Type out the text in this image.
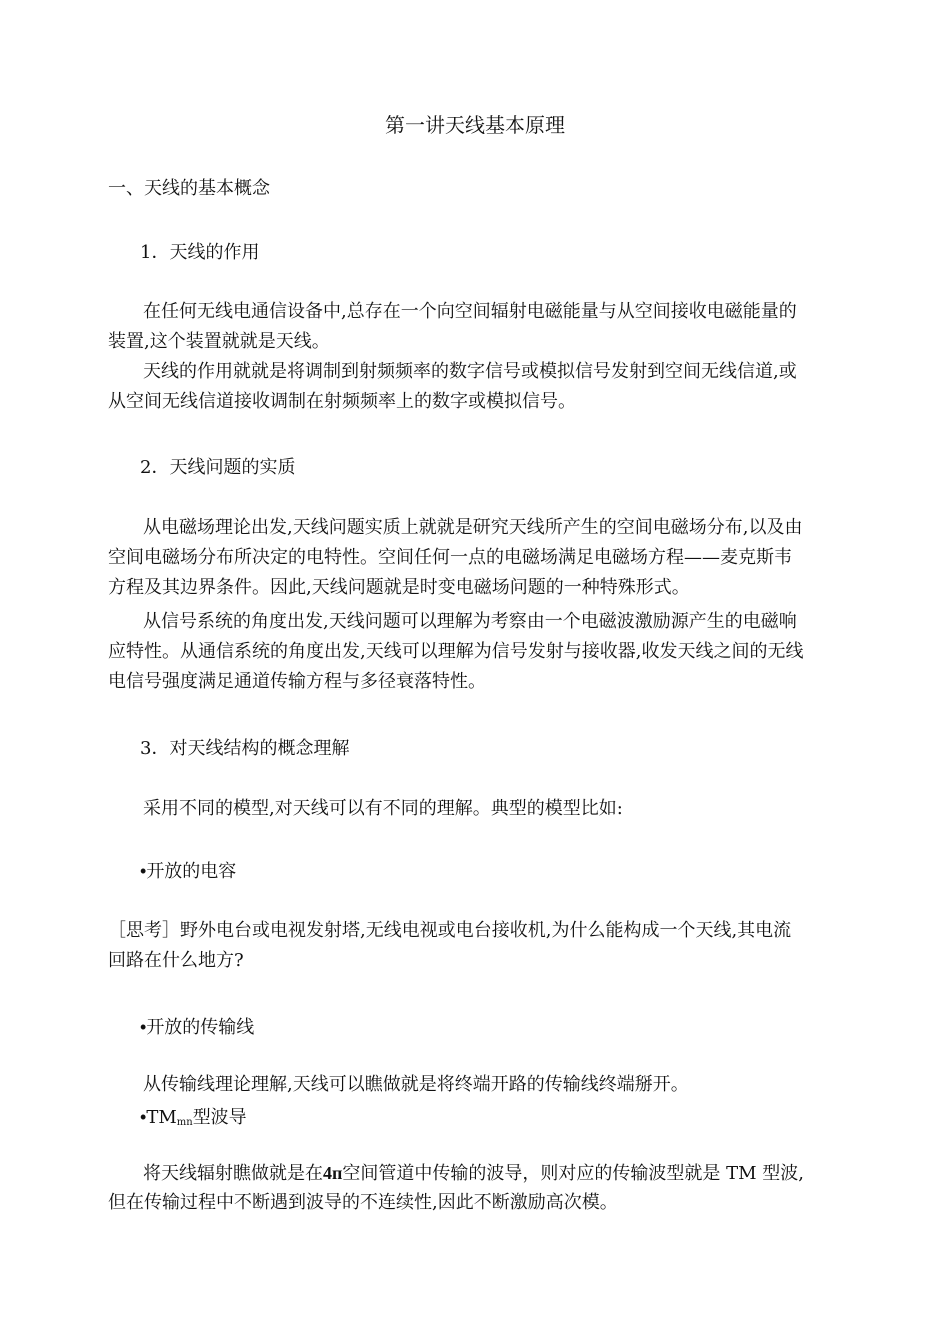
第一讲天线基本原理
一、天线的基本概念
1．天线的作用
在任何无线电通信设备中,总存在一个向空间辐射电磁能量与从空间接收电磁能量的
装置,这个装置就就是天线。
天线的作用就就是将调制到射频频率的数字信号或模拟信号发射到空间无线信道,或
从空间无线信道接收调制在射频频率上的数字或模拟信号。
2．天线问题的实质
从电磁场理论出发,天线问题实质上就就是研究天线所产生的空间电磁场分布,以及由
空间电磁场分布所决定的电特性。空间任何一点的电磁场满足电磁场方程——麦克斯韦
方程及其边界条件。因此,天线问题就是时变电磁场问题的一种特殊形式。
从信号系统的角度出发,天线问题可以理解为考察由一个电磁波激励源产生的电磁响
应特性。从通信系统的角度出发,天线可以理解为信号发射与接收器,收发天线之间的无线
电信号强度满足通道传输方程与多径衰落特性。
3．对天线结构的概念理解
采用不同的模型,对天线可以有不同的理解。典型的模型比如:
•开放的电容
［思考］野外电台或电视发射塔,无线电视或电台接收机,为什么能构成一个天线,其电流
回路在什么地方?
•开放的传输线
从传输线理论理解,天线可以瞧做就是将终端开路的传输线终端掰开。
$•TM_{mn}$型波导
将天线辐射瞧做就是在4п空间管道中传输的波导，则对应的传输波型就是 TM 型波,
但在传输过程中不断遇到波导的不连续性,因此不断激励高次模。
